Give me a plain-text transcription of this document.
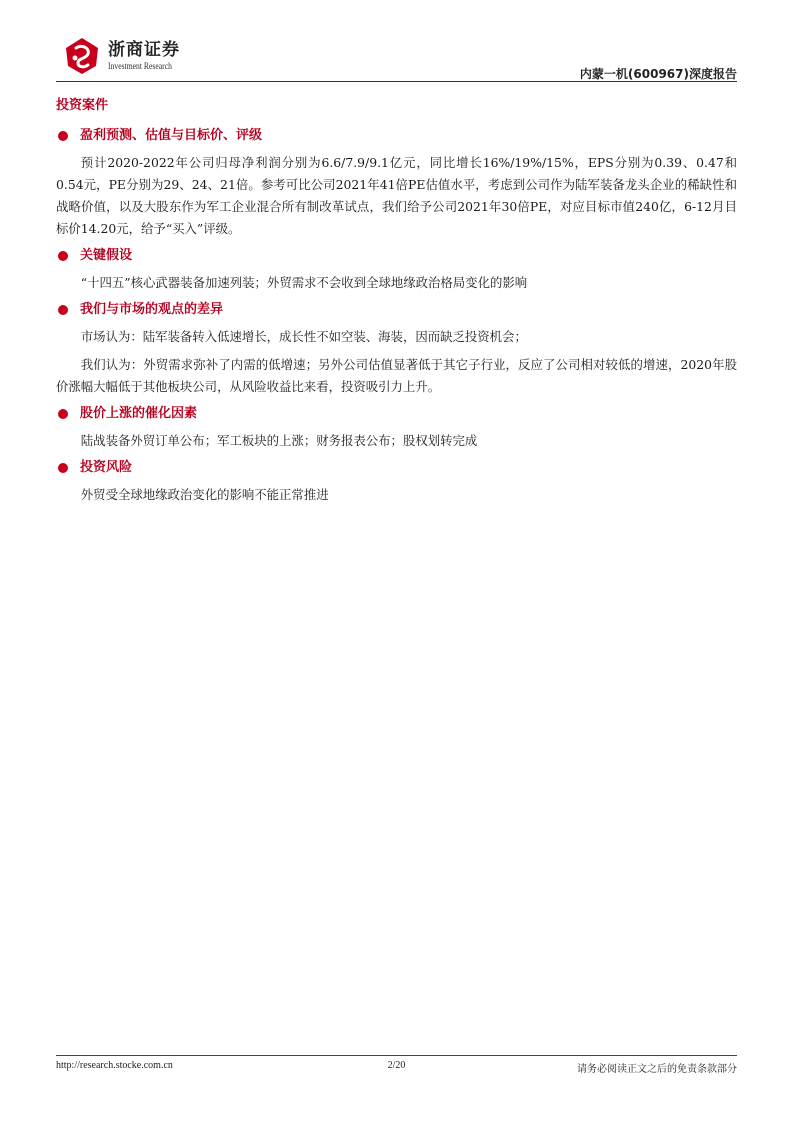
浙商证券
Investment Research
内蒙一机(600967)深度报告
投资案件
盈利预测、估值与目标价、评级

预计2020-2022年公司归母净利润分别为6.6/7.9/9.1亿元，同比增长16%/19%/15%，EPS分别为0.39、0.47和0.54元，PE分别为29、24、21倍。参考可比公司2021年41倍PE估值水平，考虑到公司作为陆军装备龙头企业的稀缺性和战略价值，以及大股东作为军工企业混合所有制改革试点，我们给予公司2021年30倍PE，对应目标市值240亿，6-12月目标价14.20元，给予“买入”评级。

关键假设

“十四五”核心武器装备加速列装；外贸需求不会收到全球地缘政治格局变化的影响

我们与市场的观点的差异

市场认为：陆军装备转入低速增长，成长性不如空装、海装，因而缺乏投资机会；

我们认为：外贸需求弥补了内需的低增速；另外公司估值显著低于其它子行业，反应了公司相对较低的增速，2020年股价涨幅大幅低于其他板块公司，从风险收益比来看，投资吸引力上升。

股价上涨的催化因素

陆战装备外贸订单公布；军工板块的上涨；财务报表公布；股权划转完成

投资风险

外贸受全球地缘政治变化的影响不能正常推进

http://research.stocke.com.cn	2/20	请务必阅读正文之后的免责条款部分
